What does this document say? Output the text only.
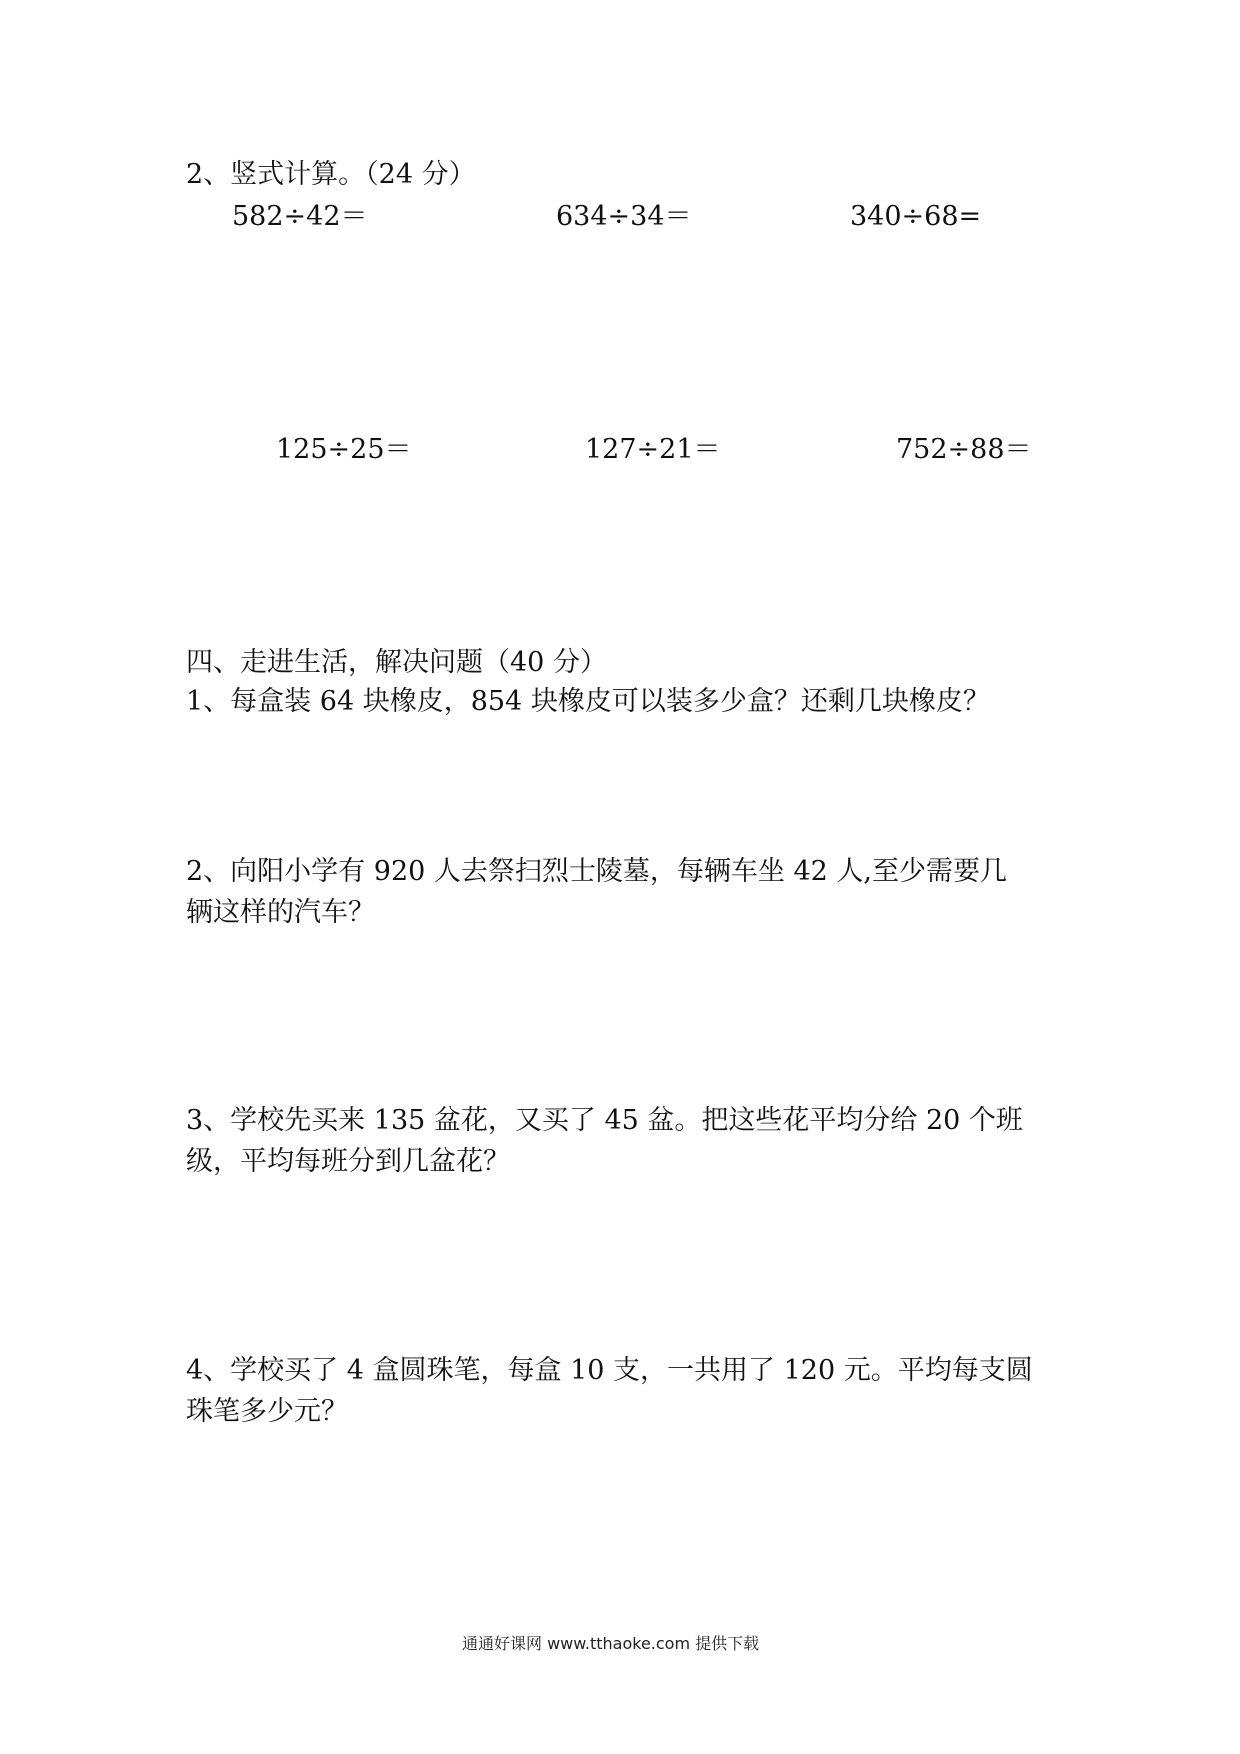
2、竖式计算。（24 分）
582÷42＝	634÷34＝	340÷68=
125÷25＝	127÷21＝	752÷88＝
四、走进生活，解决问题（40 分）
1、每盒装 64 块橡皮，854 块橡皮可以装多少盒？还剩几块橡皮？
2、向阳小学有 920 人去祭扫烈士陵墓，每辆车坐 42 人,至少需要几
辆这样的汽车？
3、学校先买来 135 盆花，又买了 45 盆。把这些花平均分给 20 个班
级，平均每班分到几盆花？
4、学校买了 4 盒圆珠笔，每盒 10 支，一共用了 120 元。平均每支圆
珠笔多少元？
通通好课网 www.tthaoke.com 提供下载
